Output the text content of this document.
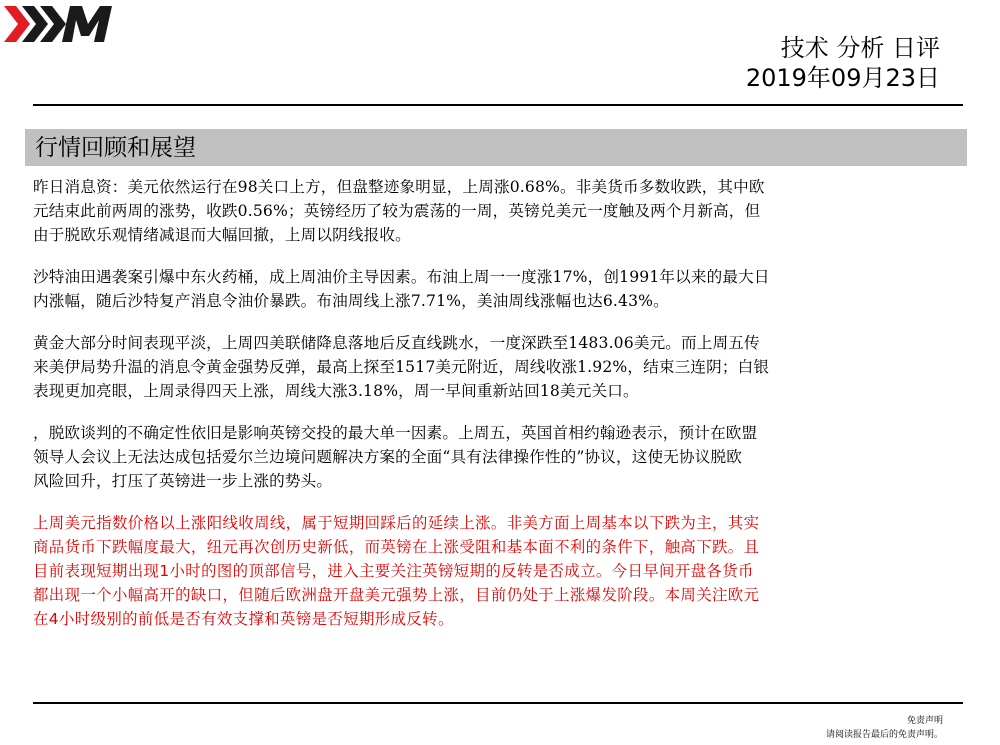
技术 分析 日评
2019年09月23日
行情回顾和展望
昨日消息资：美元依然运行在98关口上方，但盘整迹象明显，上周涨0.68%。非美货币多数收跌，其中欧
元结束此前两周的涨势，收跌0.56%；英镑经历了较为震荡的一周，英镑兑美元一度触及两个月新高，但
由于脱欧乐观情绪减退而大幅回撤，上周以阴线报收。
沙特油田遇袭案引爆中东火药桶，成上周油价主导因素。布油上周一一度涨17%，创1991年以来的最大日
内涨幅，随后沙特复产消息令油价暴跌。布油周线上涨7.71%，美油周线涨幅也达6.43%。
黄金大部分时间表现平淡，上周四美联储降息落地后反直线跳水，一度深跌至1483.06美元。而上周五传
来美伊局势升温的消息令黄金强势反弹，最高上探至1517美元附近，周线收涨1.92%，结束三连阴；白银
表现更加亮眼，上周录得四天上涨，周线大涨3.18%，周一早间重新站回18美元关口。
，脱欧谈判的不确定性依旧是影响英镑交投的最大单一因素。上周五，英国首相约翰逊表示，预计在欧盟
领导人会议上无法达成包括爱尔兰边境问题解决方案的全面“具有法律操作性的”协议，这使无协议脱欧
风险回升，打压了英镑进一步上涨的势头。
上周美元指数价格以上涨阳线收周线，属于短期回踩后的延续上涨。非美方面上周基本以下跌为主，其实
商品货币下跌幅度最大，纽元再次创历史新低，而英镑在上涨受阻和基本面不利的条件下，触高下跌。且
目前表现短期出现1小时的图的顶部信号，进入主要关注英镑短期的反转是否成立。今日早间开盘各货币
都出现一个小幅高开的缺口，但随后欧洲盘开盘美元强势上涨，目前仍处于上涨爆发阶段。本周关注欧元
在4小时级别的前低是否有效支撑和英镑是否短期形成反转。
免责声明
请阅读报告最后的免责声明。
